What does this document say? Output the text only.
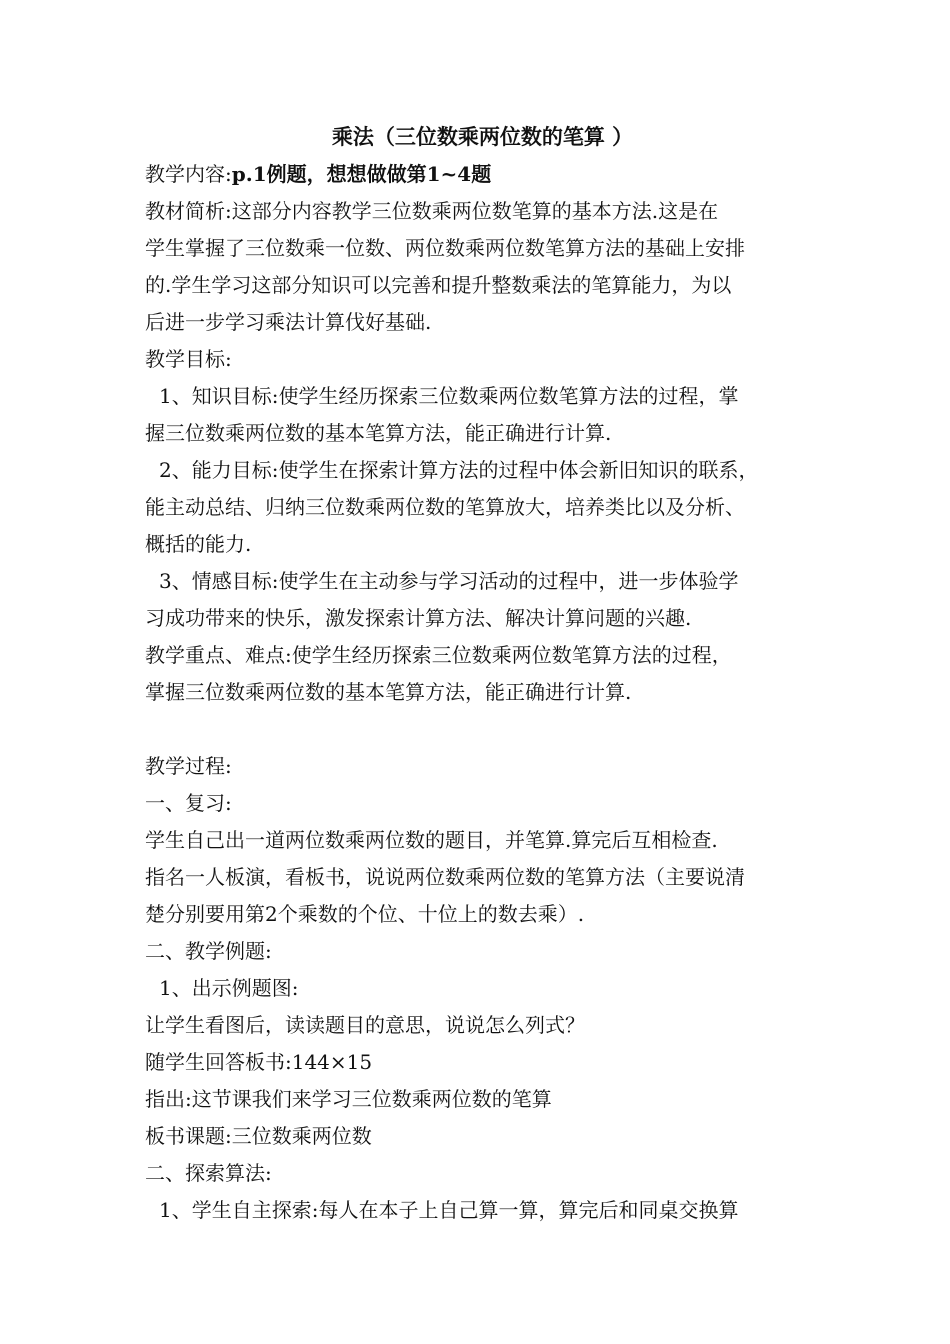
乘法（三位数乘两位数的笔算 ）

教学内容:p.1例题，想想做做第1~4题

教材简析:这部分内容教学三位数乘两位数笔算的基本方法.这是在

学生掌握了三位数乘一位数、两位数乘两位数笔算方法的基础上安排

的.学生学习这部分知识可以完善和提升整数乘法的笔算能力，为以

后进一步学习乘法计算伐好基础.

教学目标:

1、知识目标:使学生经历探索三位数乘两位数笔算方法的过程，掌

握三位数乘两位数的基本笔算方法，能正确进行计算.

2、能力目标:使学生在探索计算方法的过程中体会新旧知识的联系，

能主动总结、归纳三位数乘两位数的笔算放大，培养类比以及分析、

概括的能力.

3、情感目标:使学生在主动参与学习活动的过程中，进一步体验学

习成功带来的快乐，激发探索计算方法、解决计算问题的兴趣.

教学重点、难点:使学生经历探索三位数乘两位数笔算方法的过程，

掌握三位数乘两位数的基本笔算方法，能正确进行计算.

教学过程:

一、复习:

学生自己出一道两位数乘两位数的题目，并笔算.算完后互相检查.

指名一人板演，看板书，说说两位数乘两位数的笔算方法（主要说清

楚分别要用第2个乘数的个位、十位上的数去乘）.

二、教学例题:

1、出示例题图:

让学生看图后，读读题目的意思，说说怎么列式？

随学生回答板书:144×15

指出:这节课我们来学习三位数乘两位数的笔算

板书课题:三位数乘两位数

二、探索算法:

1、学生自主探索:每人在本子上自己算一算，算完后和同桌交换算
